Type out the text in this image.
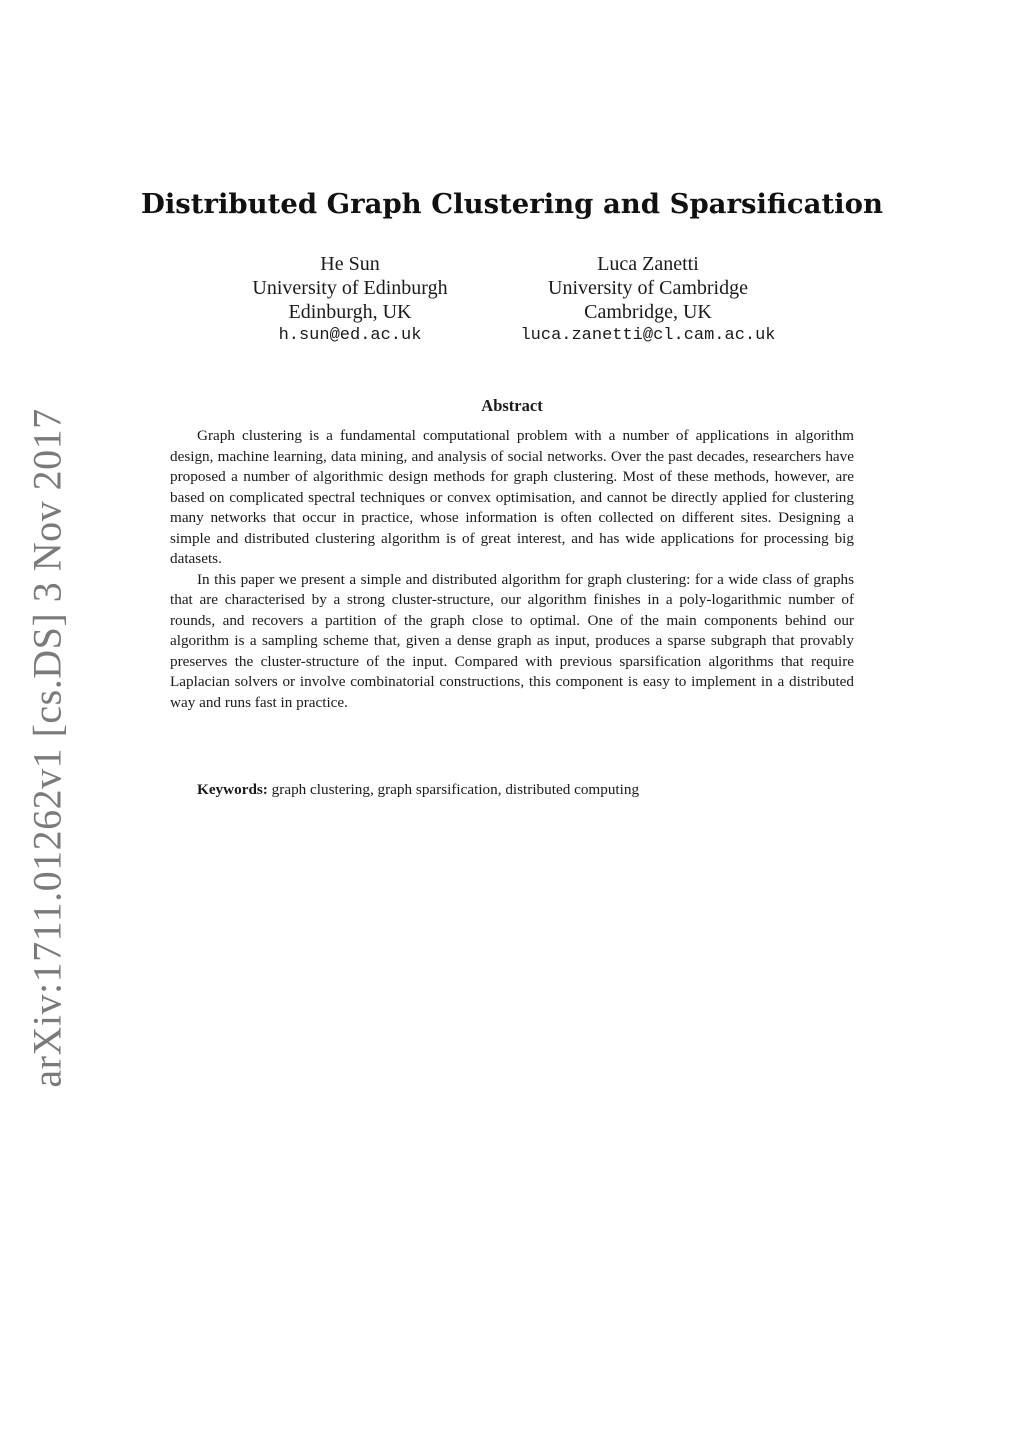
arXiv:1711.01262v1 [cs.DS] 3 Nov 2017
Distributed Graph Clustering and Sparsification
He Sun
University of Edinburgh
Edinburgh, UK
h.sun@ed.ac.uk
Luca Zanetti
University of Cambridge
Cambridge, UK
luca.zanetti@cl.cam.ac.uk
Abstract

Graph clustering is a fundamental computational problem with a number of applications in algorithm design, machine learning, data mining, and analysis of social networks. Over the past decades, researchers have proposed a number of algorithmic design methods for graph clustering. Most of these methods, however, are based on complicated spectral techniques or convex optimisation, and cannot be directly applied for clustering many networks that occur in practice, whose information is often collected on different sites. Designing a simple and distributed clustering algorithm is of great interest, and has wide applications for processing big datasets.

In this paper we present a simple and distributed algorithm for graph clustering: for a wide class of graphs that are characterised by a strong cluster-structure, our algorithm finishes in a poly-logarithmic number of rounds, and recovers a partition of the graph close to optimal. One of the main components behind our algorithm is a sampling scheme that, given a dense graph as input, produces a sparse subgraph that provably preserves the cluster-structure of the input. Compared with previous sparsification algorithms that require Laplacian solvers or involve combinatorial constructions, this component is easy to implement in a distributed way and runs fast in practice.

Keywords: graph clustering, graph sparsification, distributed computing
